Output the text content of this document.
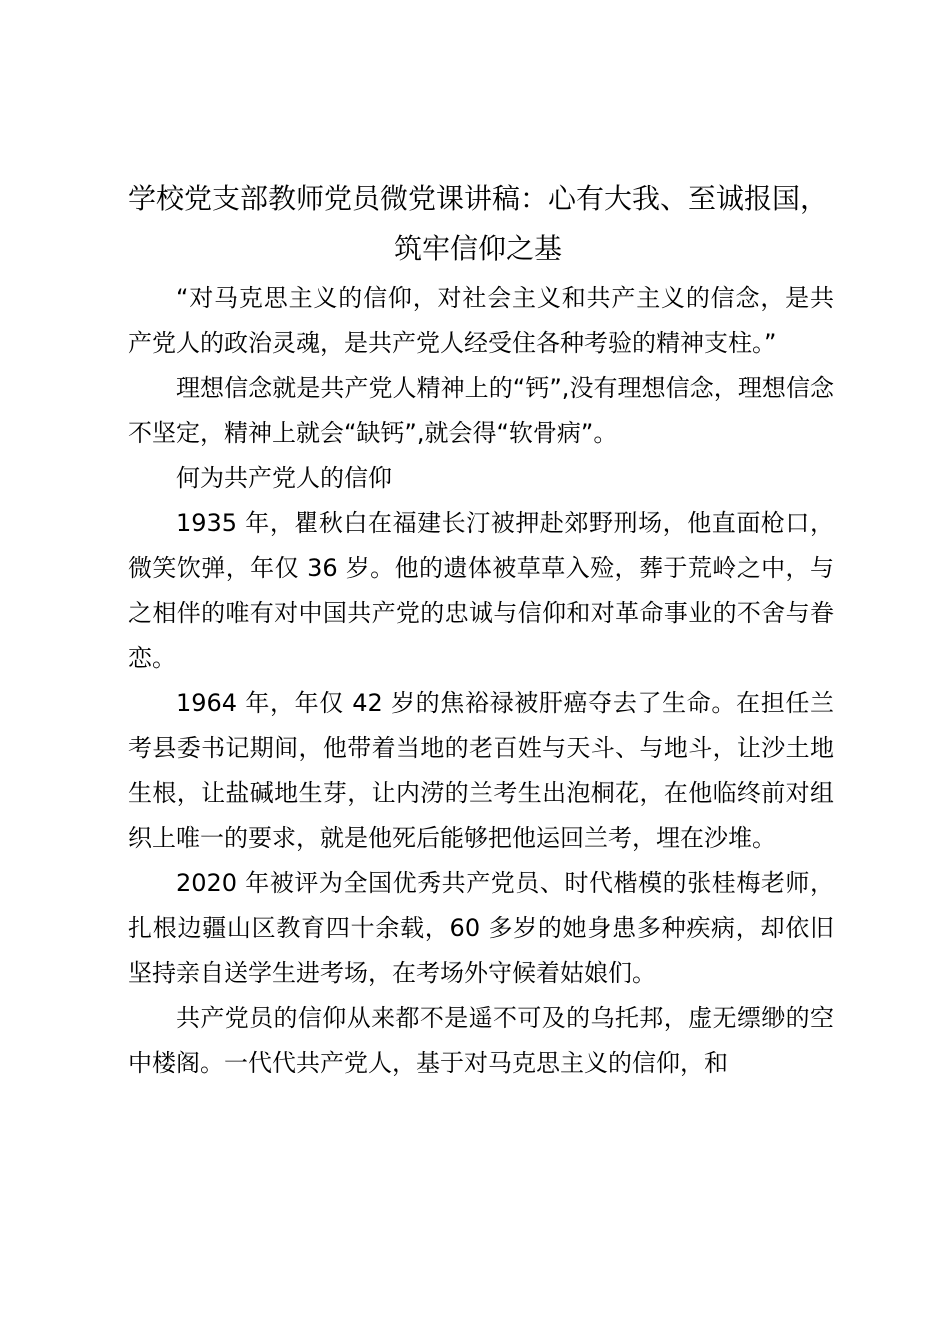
学校党支部教师党员微党课讲稿：心有大我、至诚报国，筑牢信仰之基

“对马克思主义的信仰，对社会主义和共产主义的信念，是共产党人的政治灵魂，是共产党人经受住各种考验的精神支柱。”

理想信念就是共产党人精神上的“钙”,没有理想信念，理想信念不坚定，精神上就会“缺钙”,就会得“软骨病”。

何为共产党人的信仰

1935 年，瞿秋白在福建长汀被押赴郊野刑场，他直面枪口，微笑饮弹，年仅 36 岁。他的遗体被草草入殓，葬于荒岭之中，与之相伴的唯有对中国共产党的忠诚与信仰和对革命事业的不舍与眷恋。

1964 年，年仅 42 岁的焦裕禄被肝癌夺去了生命。在担任兰考县委书记期间，他带着当地的老百姓与天斗、与地斗，让沙土地生根，让盐碱地生芽，让内涝的兰考生出泡桐花，在他临终前对组织上唯一的要求，就是他死后能够把他运回兰考，埋在沙堆。

2020 年被评为全国优秀共产党员、时代楷模的张桂梅老师，扎根边疆山区教育四十余载，60 多岁的她身患多种疾病，却依旧坚持亲自送学生进考场，在考场外守候着姑娘们。

共产党员的信仰从来都不是遥不可及的乌托邦，虚无缥缈的空中楼阁。一代代共产党人，基于对马克思主义的信仰，和
